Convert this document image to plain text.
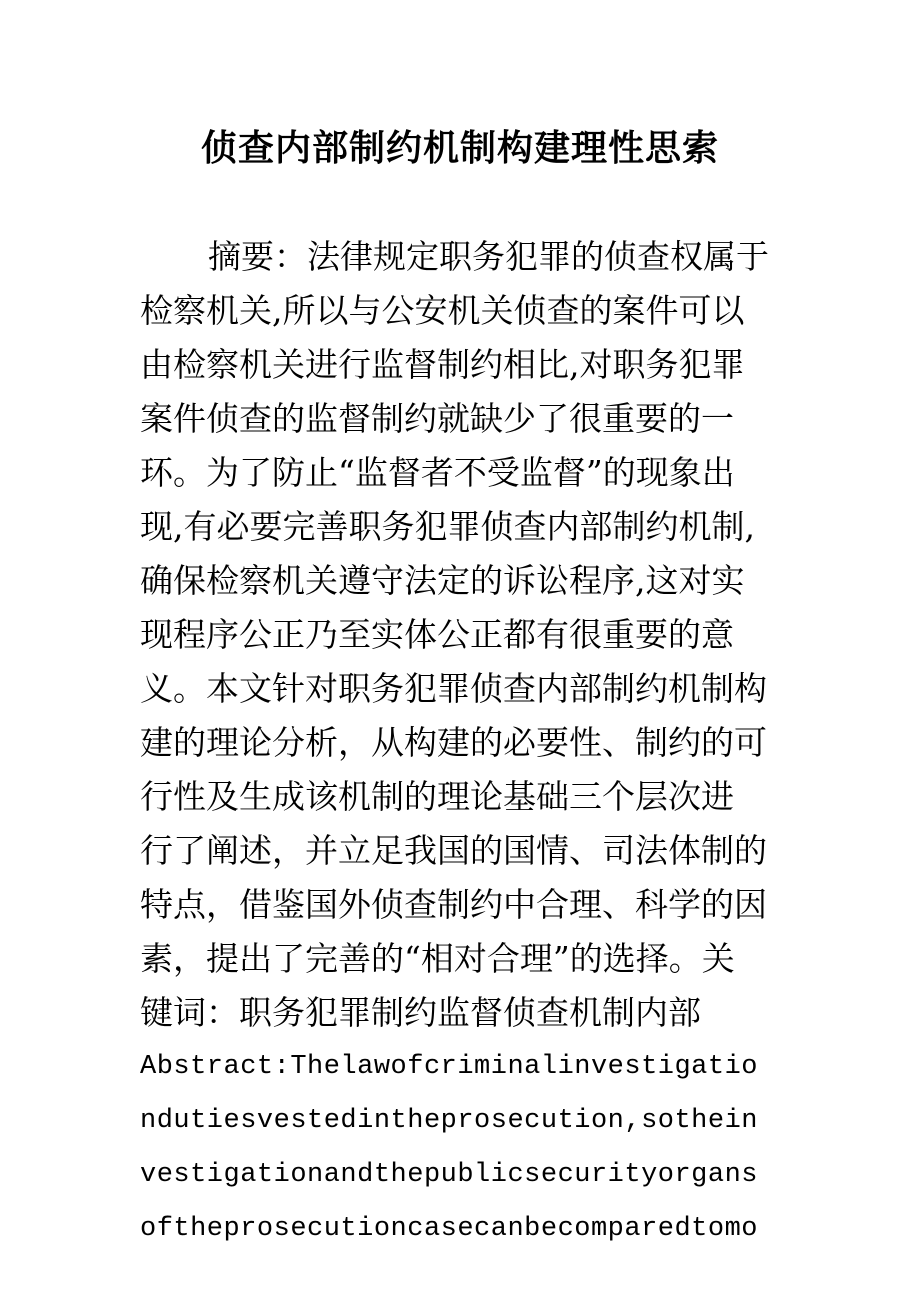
侦查内部制约机制构建理性思索
摘要：法律规定职务犯罪的侦查权属于
检察机关,所以与公安机关侦查的案件可以
由检察机关进行监督制约相比,对职务犯罪
案件侦查的监督制约就缺少了很重要的一
环。为了防止“监督者不受监督”的现象出
现,有必要完善职务犯罪侦查内部制约机制,
确保检察机关遵守法定的诉讼程序,这对实
现程序公正乃至实体公正都有很重要的意
义。本文针对职务犯罪侦查内部制约机制构
建的理论分析，从构建的必要性、制约的可
行性及生成该机制的理论基础三个层次进
行了阐述，并立足我国的国情、司法体制的
特点，借鉴国外侦查制约中合理、科学的因
素，提出了完善的“相对合理”的选择。关
键词：职务犯罪制约监督侦查机制内部
Abstract:Thelawofcriminalinvestigatio
ndutiesvestedintheprosecution,sothein
vestigationandthepublicsecurityorgans
oftheprosecutioncasecanbecomparedtomo
